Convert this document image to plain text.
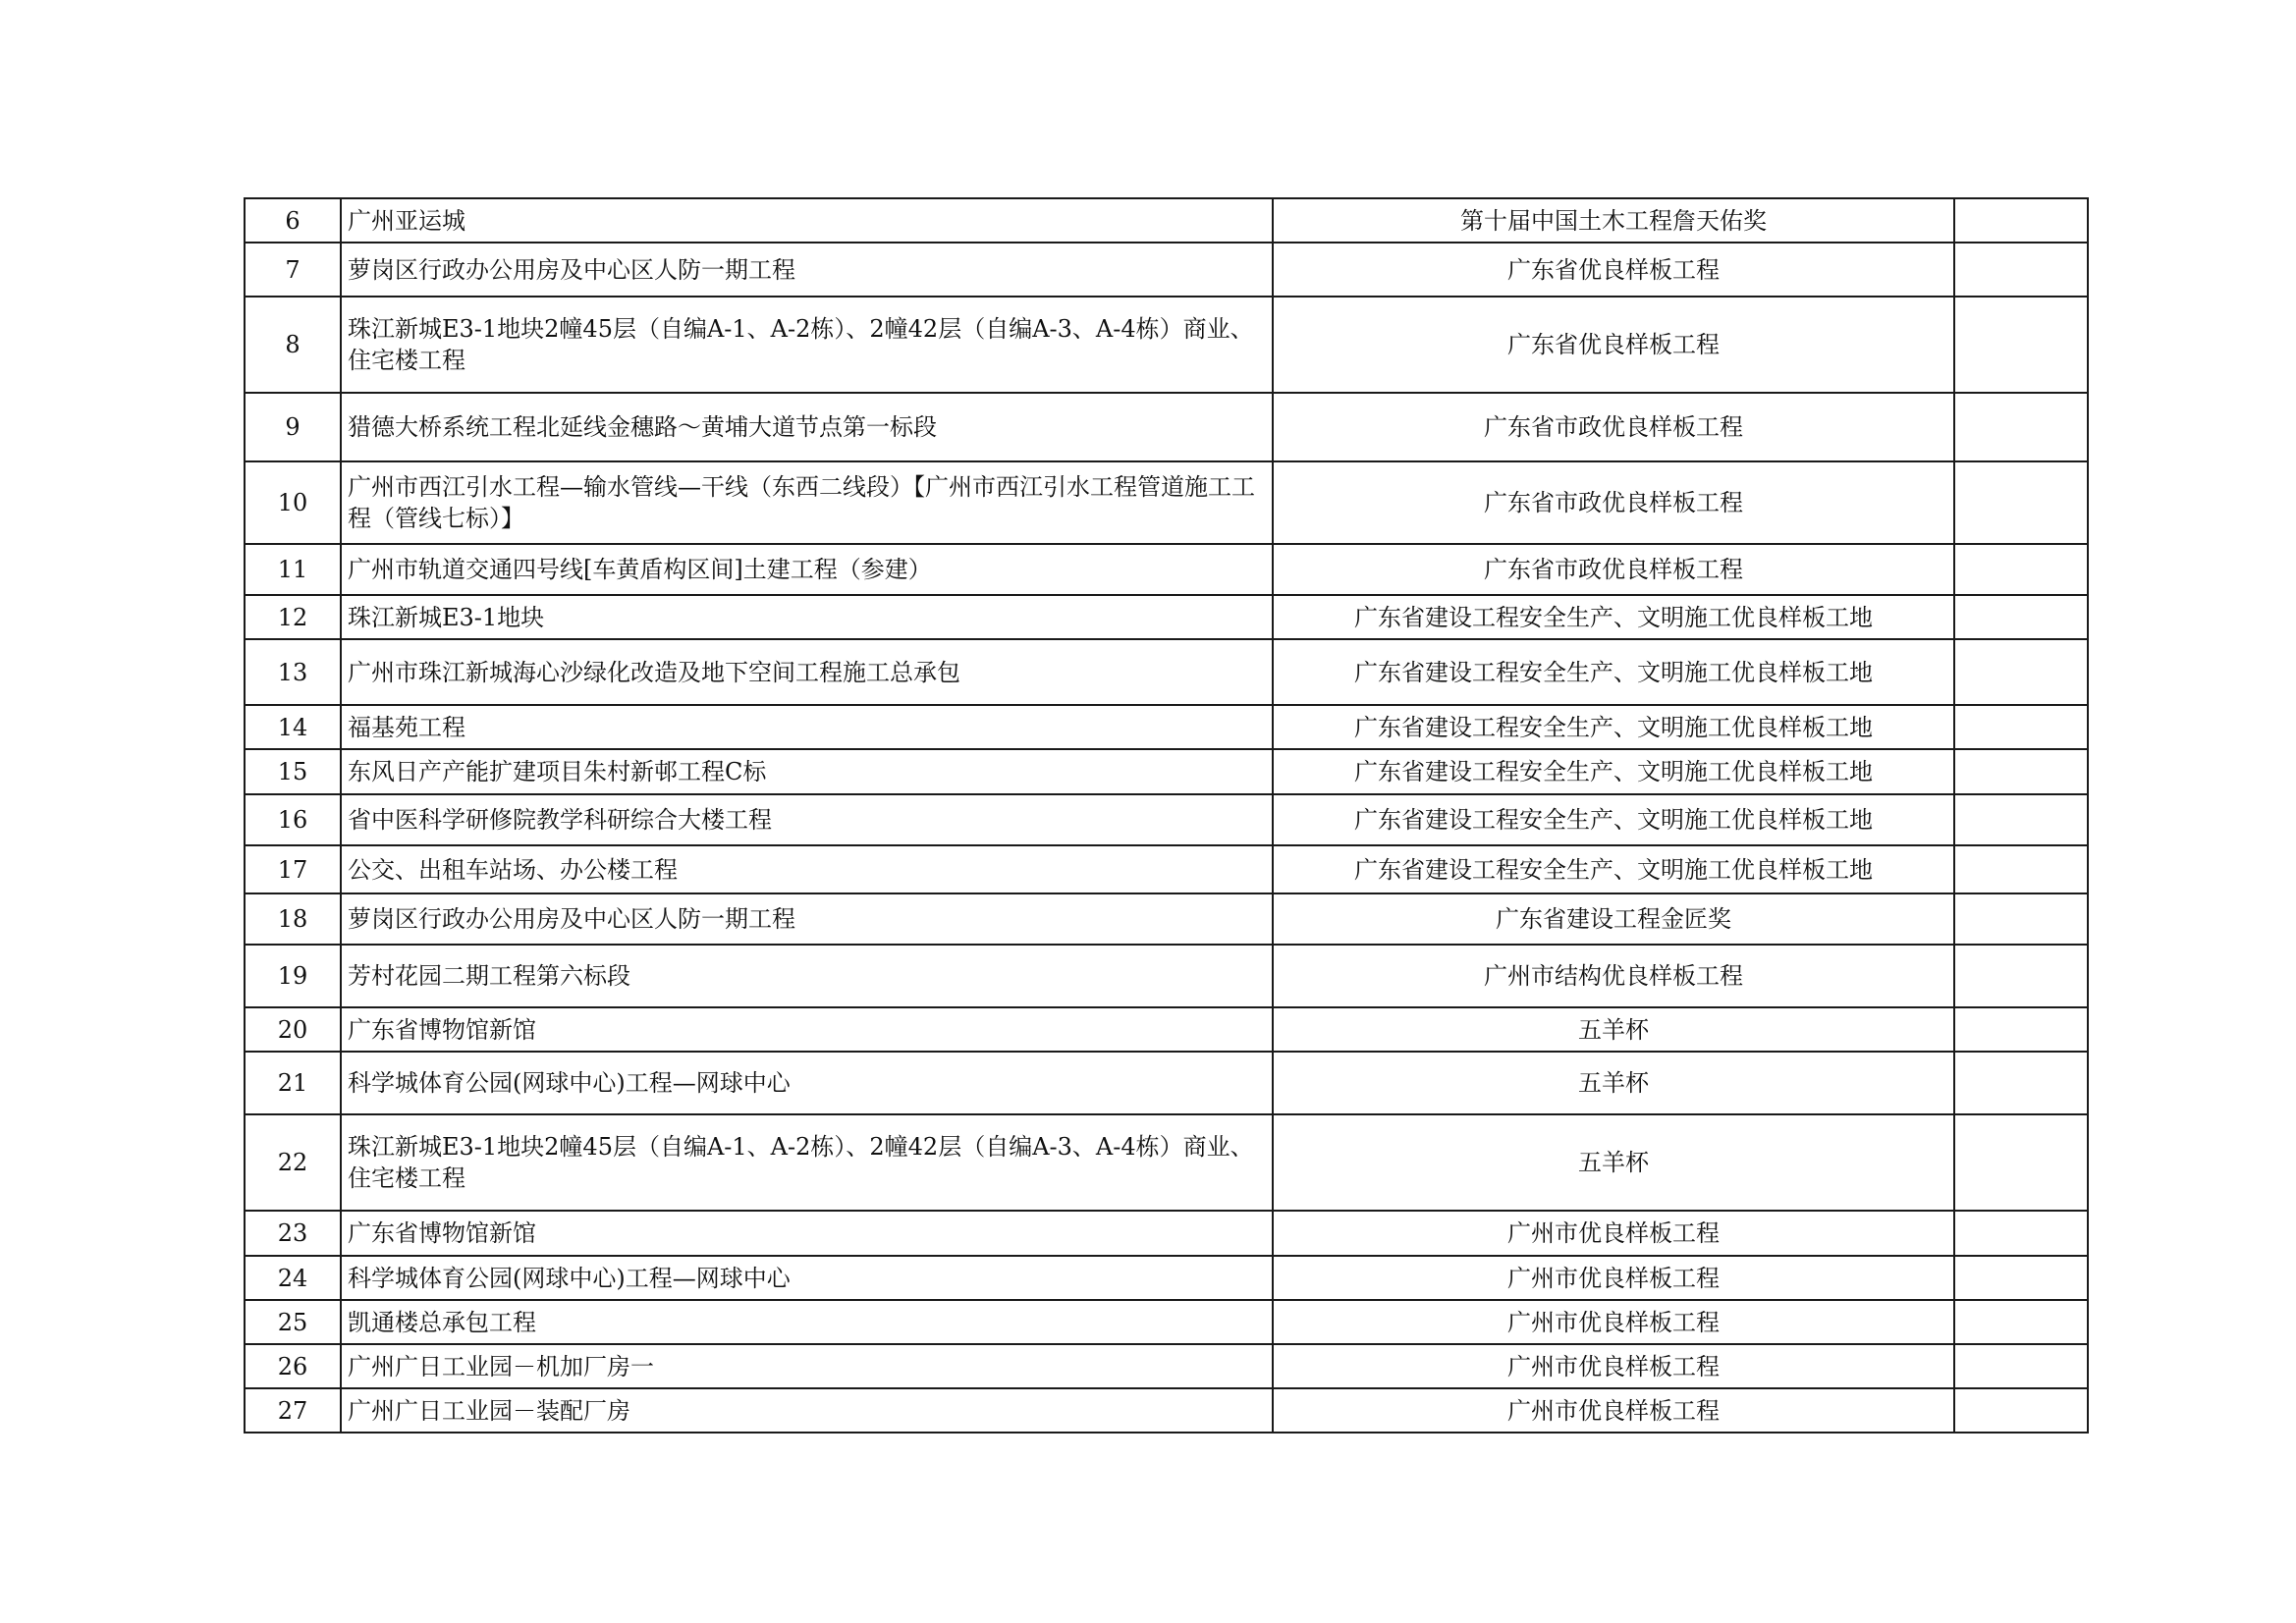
6	广州亚运城	第十届中国土木工程詹天佑奖	
7	萝岗区行政办公用房及中心区人防一期工程	广东省优良样板工程	
8	珠江新城E3-1地块2幢45层（自编A-1、A-2栋）、2幢42层（自编A-3、A-4栋）商业、住宅楼工程	广东省优良样板工程	
9	猎德大桥系统工程北延线金穗路～黄埔大道节点第一标段	广东省市政优良样板工程	
10	广州市西江引水工程—输水管线—干线（东西二线段）【广州市西江引水工程管道施工工程（管线七标）】	广东省市政优良样板工程	
11	广州市轨道交通四号线[车黄盾构区间]土建工程（参建）	广东省市政优良样板工程	
12	珠江新城E3-1地块	广东省建设工程安全生产、文明施工优良样板工地	
13	广州市珠江新城海心沙绿化改造及地下空间工程施工总承包	广东省建设工程安全生产、文明施工优良样板工地	
14	福基苑工程	广东省建设工程安全生产、文明施工优良样板工地	
15	东风日产产能扩建项目朱村新邨工程C标	广东省建设工程安全生产、文明施工优良样板工地	
16	省中医科学研修院教学科研综合大楼工程	广东省建设工程安全生产、文明施工优良样板工地	
17	公交、出租车站场、办公楼工程	广东省建设工程安全生产、文明施工优良样板工地	
18	萝岗区行政办公用房及中心区人防一期工程	广东省建设工程金匠奖	
19	芳村花园二期工程第六标段	广州市结构优良样板工程	
20	广东省博物馆新馆	五羊杯	
21	科学城体育公园(网球中心)工程—网球中心	五羊杯	
22	珠江新城E3-1地块2幢45层（自编A-1、A-2栋）、2幢42层（自编A-3、A-4栋）商业、住宅楼工程	五羊杯	
23	广东省博物馆新馆	广州市优良样板工程	
24	科学城体育公园(网球中心)工程—网球中心	广州市优良样板工程	
25	凯通楼总承包工程	广州市优良样板工程	
26	广州广日工业园－机加厂房一	广州市优良样板工程	
27	广州广日工业园－装配厂房	广州市优良样板工程	
